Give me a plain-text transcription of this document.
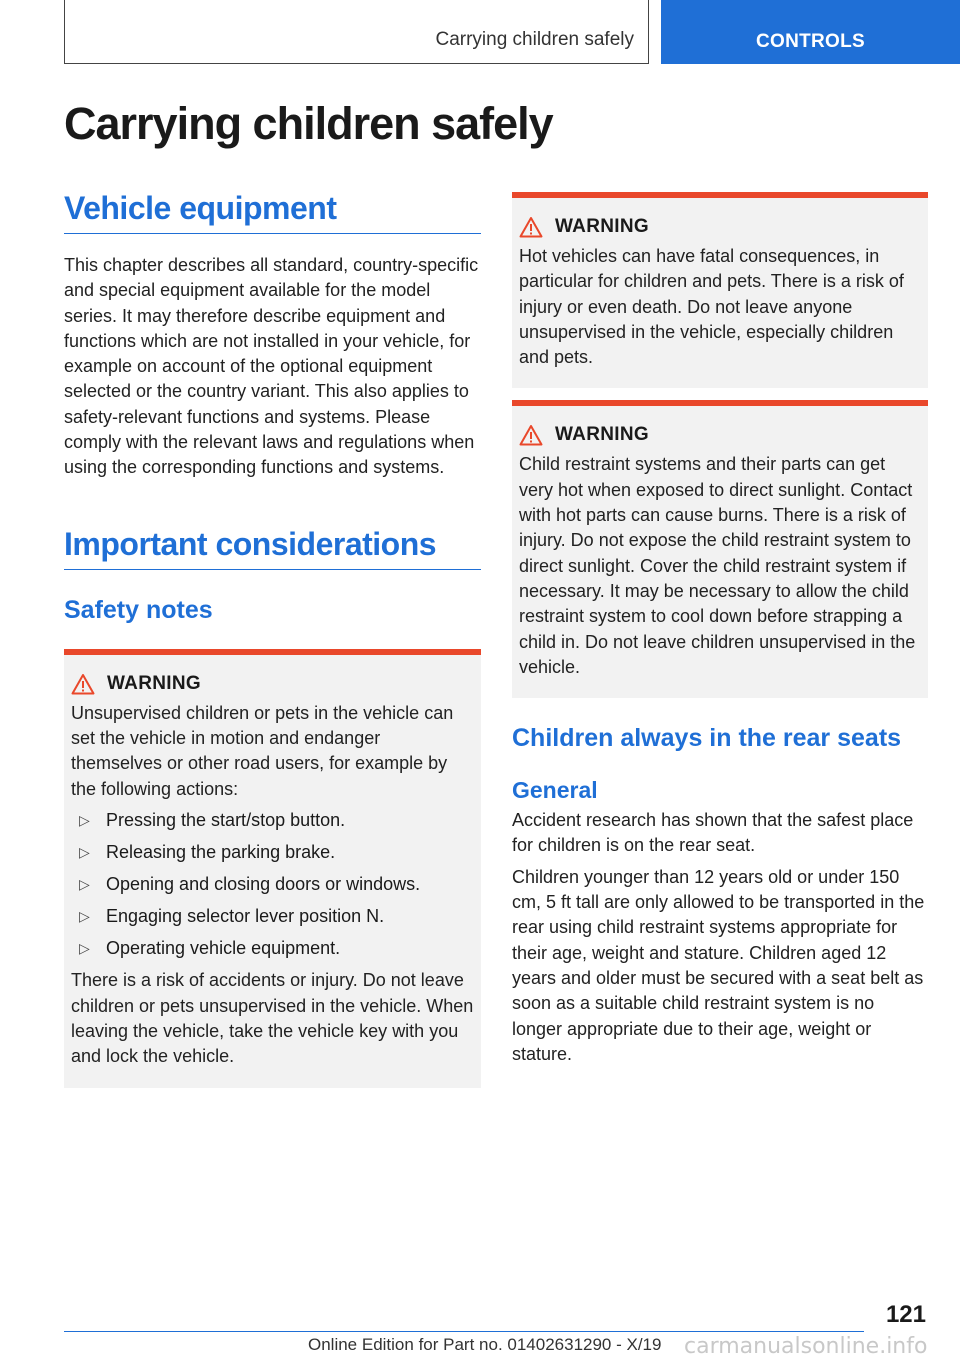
Carrying children safely	CONTROLS
Carrying children safely
Vehicle equipment

This chapter describes all standard, country-specific and special equipment available for the model series. It may therefore describe equipment and functions which are not installed in your vehicle, for example on account of the optional equipment selected or the country variant. This also applies to safety-relevant functions and systems. Please comply with the relevant laws and regulations when using the corresponding functions and systems.

Important considerations
Safety notes
WARNING

Unsupervised children or pets in the vehicle can set the vehicle in motion and endanger themselves or other road users, for example by the following actions:

▷ Pressing the start/stop button.
▷ Releasing the parking brake.
▷ Opening and closing doors or windows.
▷ Engaging selector lever position N.
▷ Operating vehicle equipment.

There is a risk of accidents or injury. Do not leave children or pets unsupervised in the vehicle. When leaving the vehicle, take the vehicle key with you and lock the vehicle.

WARNING

Hot vehicles can have fatal consequences, in particular for children and pets. There is a risk of injury or even death. Do not leave anyone unsupervised in the vehicle, especially children and pets.

WARNING

Child restraint systems and their parts can get very hot when exposed to direct sunlight. Contact with hot parts can cause burns. There is a risk of injury. Do not expose the child restraint system to direct sunlight. Cover the child restraint system if necessary. It may be necessary to allow the child restraint system to cool down before strapping a child in. Do not leave children unsupervised in the vehicle.

Children always in the rear seats
General

Accident research has shown that the safest place for children is on the rear seat.

Children younger than 12 years old or under 150 cm, 5 ft tall are only allowed to be transported in the rear using child restraint systems appropriate for their age, weight and stature. Children aged 12 years and older must be secured with a seat belt as soon as a suitable child restraint system is no longer appropriate due to their age, weight or stature.

121
Online Edition for Part no. 01402631290 - X/19 carmanualsonline.info
